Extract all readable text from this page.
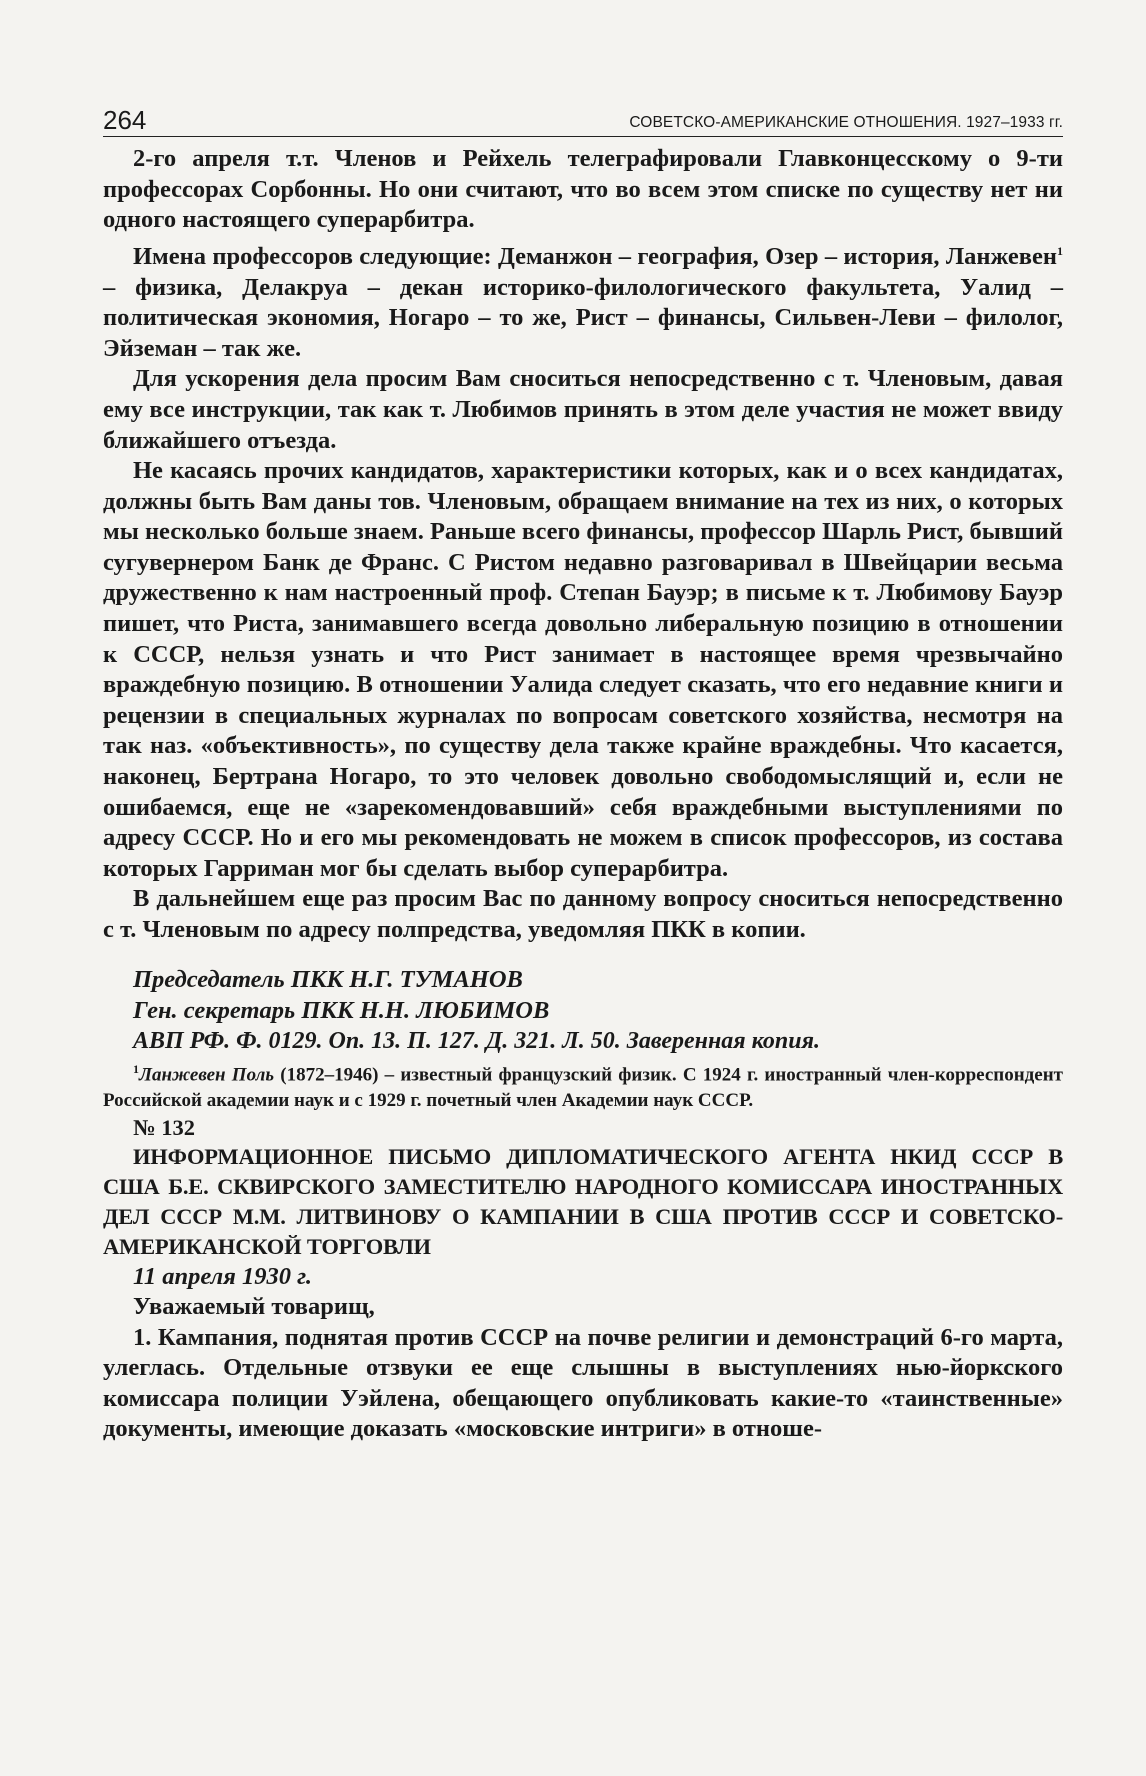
264	СОВЕТСКО-АМЕРИКАНСКИЕ ОТНОШЕНИЯ. 1927–1933 гг.

2-го апреля т.т. Членов и Рейхель телеграфировали Главконцесскому о 9-ти профессорах Сорбонны. Но они считают, что во всем этом списке по существу нет ни одного настоящего суперарбитра.

Имена профессоров следующие: Деманжон – география, Озер – история, Ланжевен$^1$ – физика, Делакруа – декан историко-филологического факультета, Уалид – политическая экономия, Ногаро – то же, Рист – финансы, Сильвен-Леви – филолог, Эйземан – так же.

Для ускорения дела просим Вам сноситься непосредственно с т. Членовым, давая ему все инструкции, так как т. Любимов принять в этом деле участия не может ввиду ближайшего отъезда.

Не касаясь прочих кандидатов, характеристики которых, как и о всех кандидатах, должны быть Вам даны тов. Членовым, обращаем внимание на тех из них, о которых мы несколько больше знаем. Раньше всего финансы, профессор Шарль Рист, бывший сугувернером Банк де Франс. С Ристом недавно разговаривал в Швейцарии весьма дружественно к нам настроенный проф. Степан Бауэр; в письме к т. Любимову Бауэр пишет, что Риста, занимавшего всегда довольно либеральную позицию в отношении к СССР, нельзя узнать и что Рист занимает в настоящее время чрезвычайно враждебную позицию. В отношении Уалида следует сказать, что его недавние книги и рецензии в специальных журналах по вопросам советского хозяйства, несмотря на так наз. «объективность», по существу дела также крайне враждебны. Что касается, наконец, Бертрана Ногаро, то это человек довольно свободомыслящий и, если не ошибаемся, еще не «зарекомендовавший» себя враждебными выступлениями по адресу СССР. Но и его мы рекомендовать не можем в список профессоров, из состава которых Гарриман мог бы сделать выбор суперарбитра.

В дальнейшем еще раз просим Вас по данному вопросу сноситься непосредственно с т. Членовым по адресу полпредства, уведомляя ПКК в копии.

Председатель ПКК Н.Г. ТУМАНОВ

Ген. секретарь ПКК Н.Н. ЛЮБИМОВ

АВП РФ. Ф. 0129. Оп. 13. П. 127. Д. 321. Л. 50. Заверенная копия.

$^1$Ланжевен Поль (1872–1946) – известный французский физик. С 1924 г. иностранный член-корреспондент Российской академии наук и с 1929 г. почетный член Академии наук СССР.

№ 132

ИНФОРМАЦИОННОЕ ПИСЬМО ДИПЛОМАТИЧЕСКОГО АГЕНТА НКИД СССР В США Б.Е. СКВИРСКОГО ЗАМЕСТИТЕЛЮ НАРОДНОГО КОМИССАРА ИНОСТРАННЫХ ДЕЛ СССР М.М. ЛИТВИНОВУ О КАМПАНИИ В США ПРОТИВ СССР И СОВЕТСКО-АМЕРИКАНСКОЙ ТОРГОВЛИ

11 апреля 1930 г.

Уважаемый товарищ,

1. Кампания, поднятая против СССР на почве религии и демонстраций 6-го марта, улеглась. Отдельные отзвуки ее еще слышны в выступлениях нью-йоркского комиссара полиции Уэйлена, обещающего опубликовать какие-то «таинственные» документы, имеющие доказать «московские интриги» в отноше-
